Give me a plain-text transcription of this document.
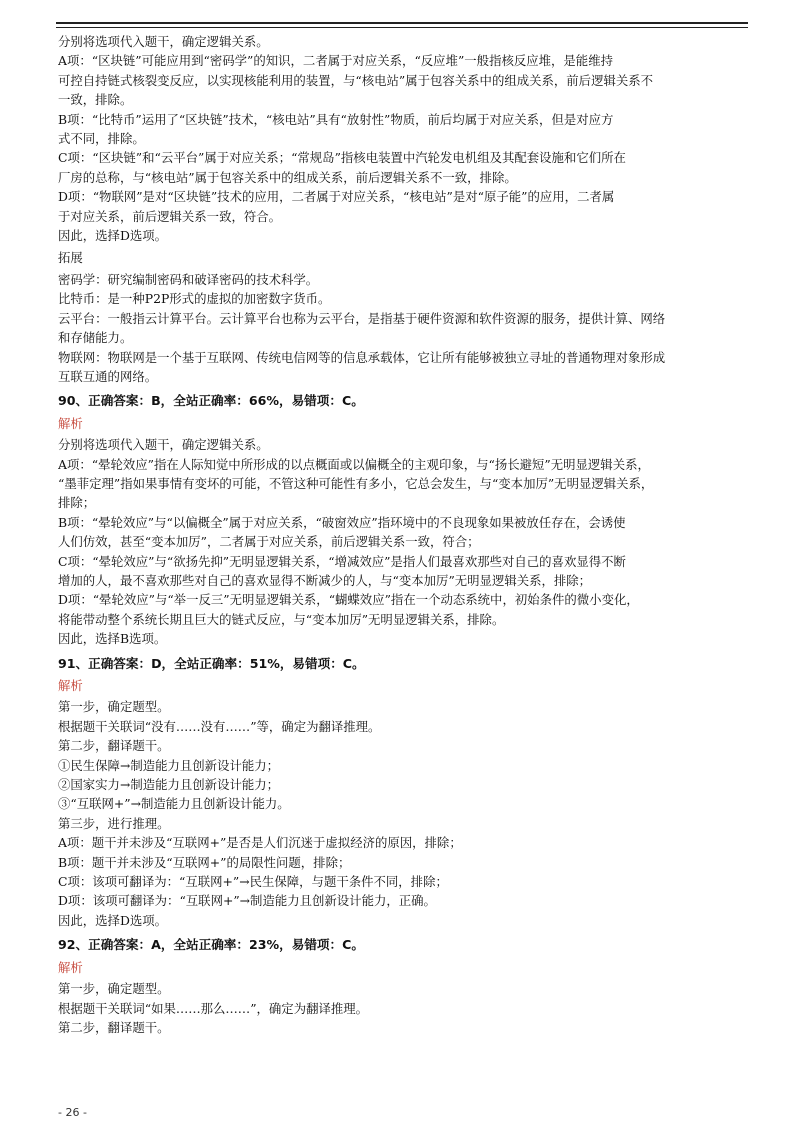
分别将选项代入题干，确定逻辑关系。
A项：“区块链”可能应用到“密码学”的知识，二者属于对应关系，“反应堆”一般指核反应堆，是能维持
可控自持链式核裂变反应，以实现核能利用的装置，与“核电站”属于包容关系中的组成关系，前后逻辑关系不
一致，排除。
B项：“比特币”运用了“区块链”技术，“核电站”具有“放射性”物质，前后均属于对应关系，但是对应方
式不同，排除。
C项：“区块链”和“云平台”属于对应关系；“常规岛”指核电装置中汽轮发电机组及其配套设施和它们所在
厂房的总称，与“核电站”属于包容关系中的组成关系，前后逻辑关系不一致，排除。
D项：“物联网”是对“区块链”技术的应用，二者属于对应关系，“核电站”是对“原子能”的应用，二者属
于对应关系，前后逻辑关系一致，符合。
因此，选择D选项。
拓展
密码学：研究编制密码和破译密码的技术科学。
比特币：是一种P2P形式的虚拟的加密数字货币。
云平台：一般指云计算平台。云计算平台也称为云平台，是指基于硬件资源和软件资源的服务，提供计算、网络
和存储能力。
物联网：物联网是一个基于互联网、传统电信网等的信息承载体，它让所有能够被独立寻址的普通物理对象形成
互联互通的网络。
90、正确答案：B，全站正确率：66%，易错项：C。
解析
分别将选项代入题干，确定逻辑关系。
A项：“晕轮效应”指在人际知觉中所形成的以点概面或以偏概全的主观印象，与“扬长避短”无明显逻辑关系，
“墨菲定理”指如果事情有变坏的可能，不管这种可能性有多小，它总会发生，与“变本加厉”无明显逻辑关系，
排除；
B项：“晕轮效应”与“以偏概全”属于对应关系，“破窗效应”指环境中的不良现象如果被放任存在，会诱使
人们仿效，甚至“变本加厉”，二者属于对应关系，前后逻辑关系一致，符合；
C项：“晕轮效应”与“欲扬先抑”无明显逻辑关系，“增减效应”是指人们最喜欢那些对自己的喜欢显得不断
增加的人，最不喜欢那些对自己的喜欢显得不断减少的人，与“变本加厉”无明显逻辑关系，排除；
D项：“晕轮效应”与“举一反三”无明显逻辑关系，“蝴蝶效应”指在一个动态系统中，初始条件的微小变化，
将能带动整个系统长期且巨大的链式反应，与“变本加厉”无明显逻辑关系，排除。
因此，选择B选项。
91、正确答案：D，全站正确率：51%，易错项：C。
解析
第一步，确定题型。
根据题干关联词“没有……没有……”等，确定为翻译推理。
第二步，翻译题干。
①民生保障→制造能力且创新设计能力；
②国家实力→制造能力且创新设计能力；
③“互联网+”→制造能力且创新设计能力。
第三步，进行推理。
A项：题干并未涉及“互联网+”是否是人们沉迷于虚拟经济的原因，排除；
B项：题干并未涉及“互联网+”的局限性问题，排除；
C项：该项可翻译为：“互联网+”→民生保障，与题干条件不同，排除；
D项：该项可翻译为：“互联网+”→制造能力且创新设计能力，正确。
因此，选择D选项。
92、正确答案：A，全站正确率：23%，易错项：C。
解析
第一步，确定题型。
根据题干关联词“如果……那么……”，确定为翻译推理。
第二步，翻译题干。
- 26 -
